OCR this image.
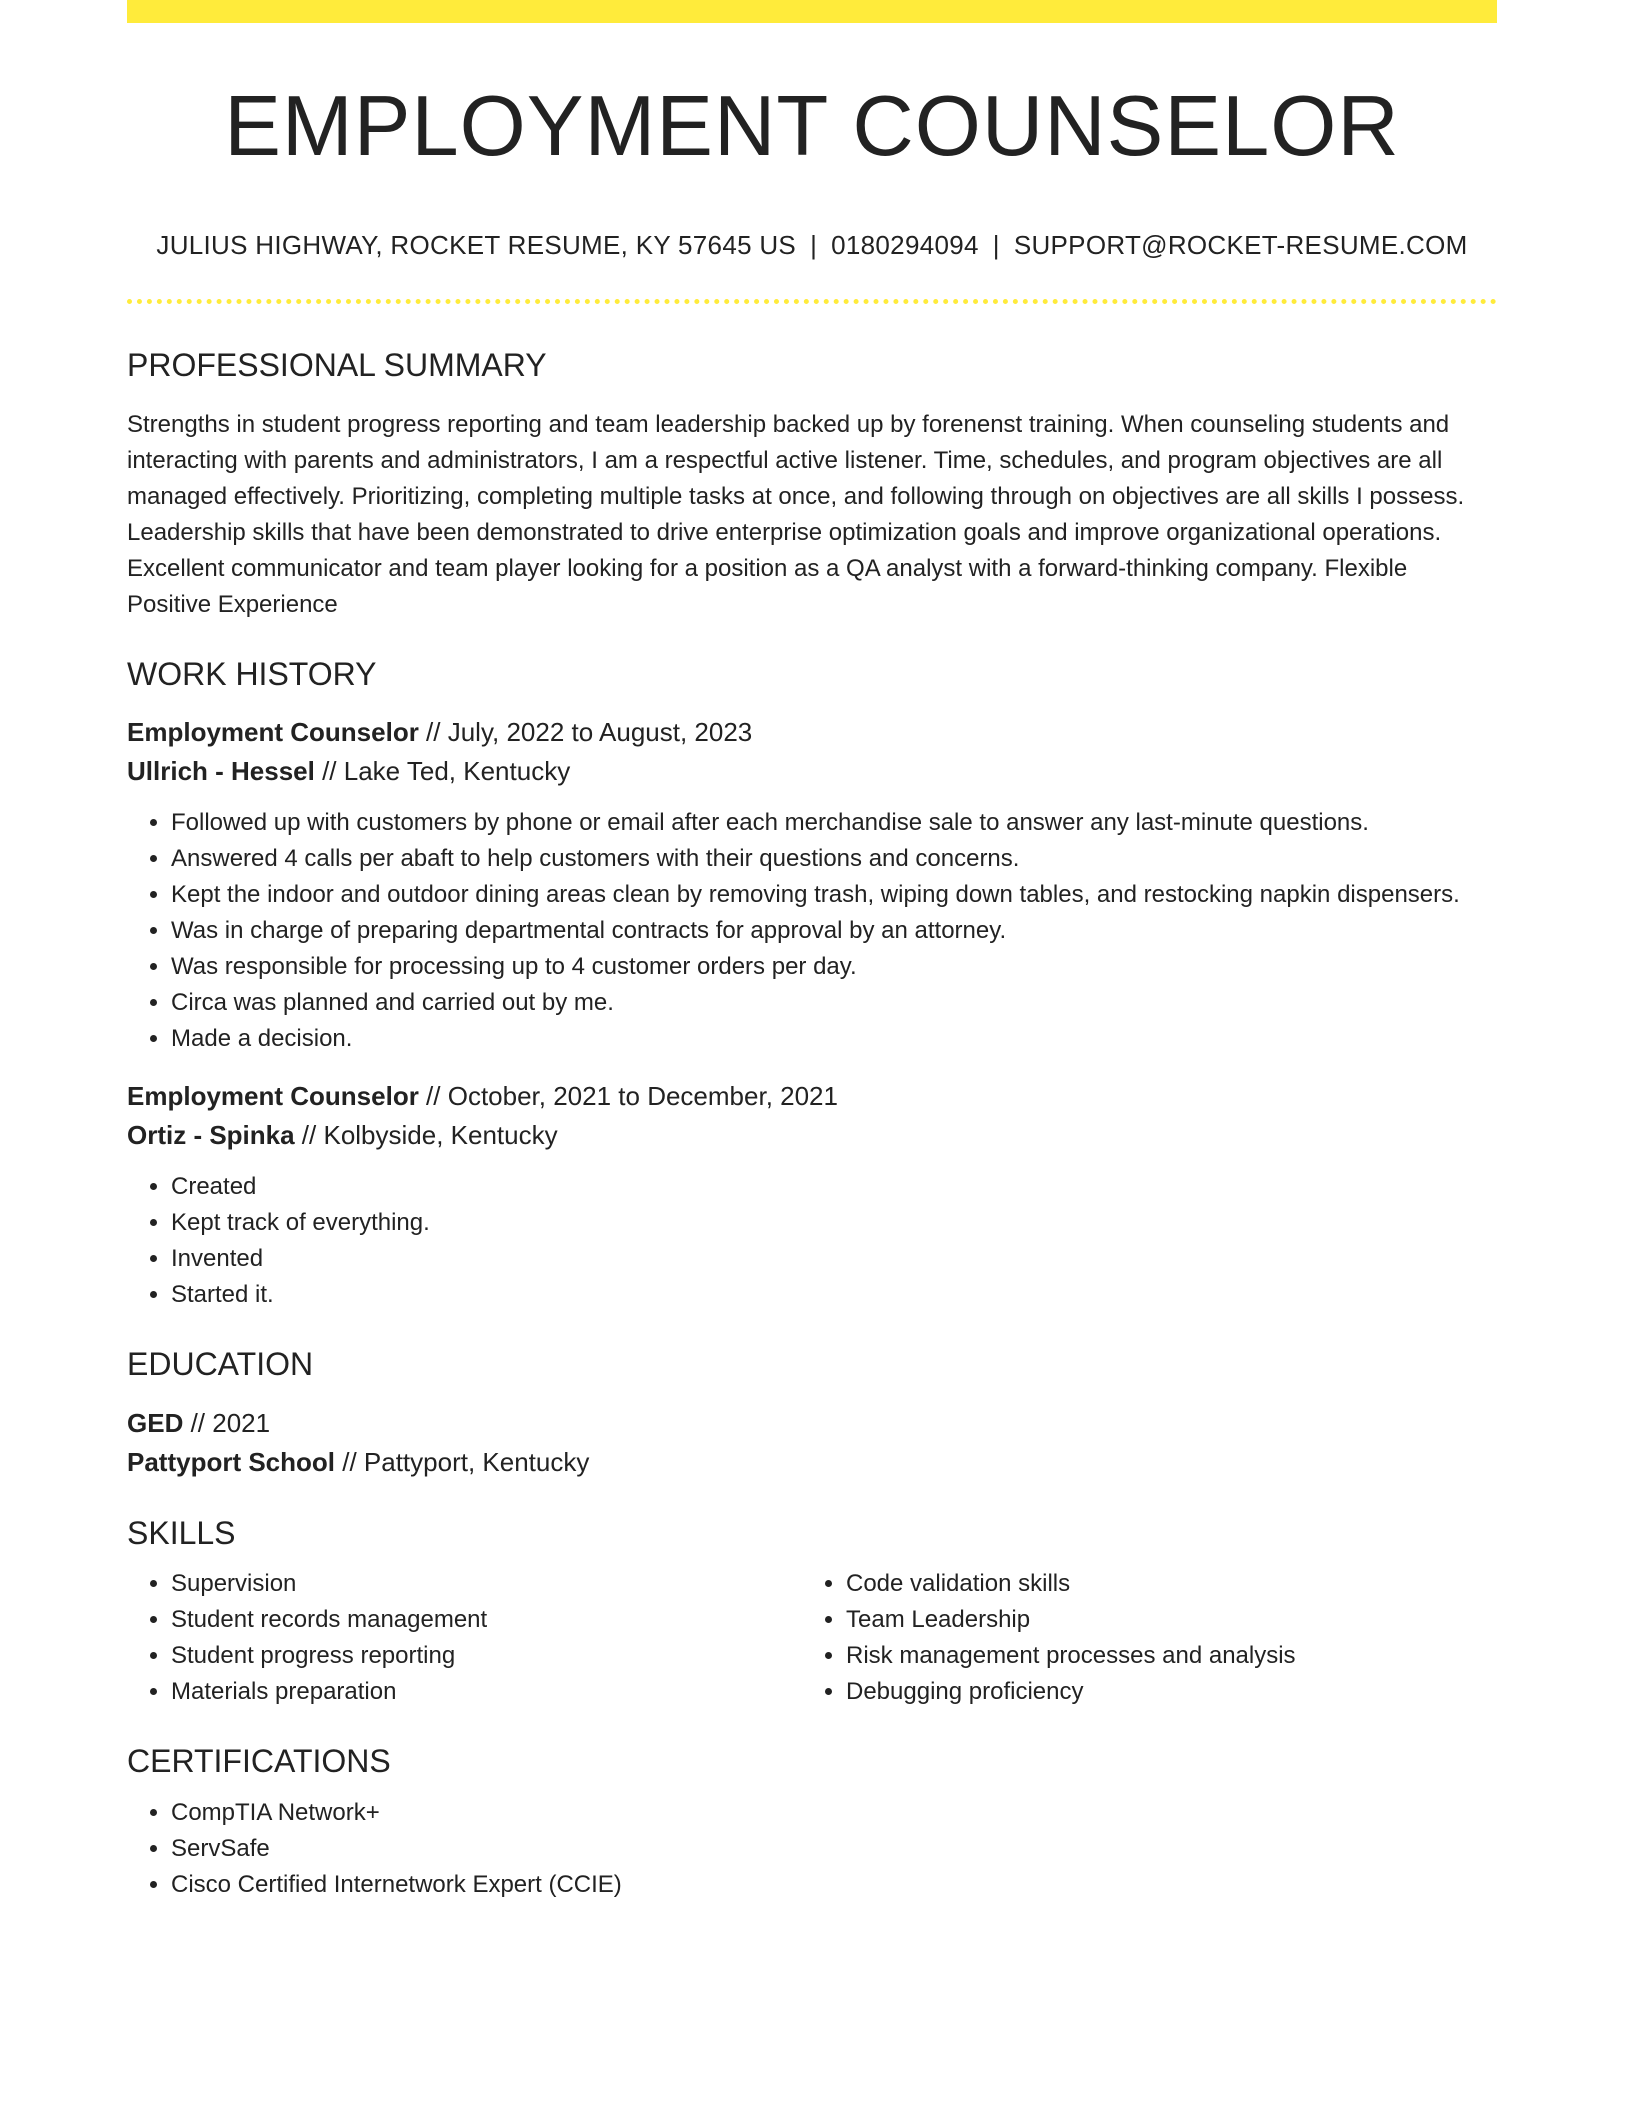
EMPLOYMENT COUNSELOR
JULIUS HIGHWAY, ROCKET RESUME, KY 57645 US | 0180294094 | SUPPORT@ROCKET-RESUME.COM
PROFESSIONAL SUMMARY
Strengths in student progress reporting and team leadership backed up by forenenst training. When counseling students and interacting with parents and administrators, I am a respectful active listener. Time, schedules, and program objectives are all managed effectively. Prioritizing, completing multiple tasks at once, and following through on objectives are all skills I possess. Leadership skills that have been demonstrated to drive enterprise optimization goals and improve organizational operations. Excellent communicator and team player looking for a position as a QA analyst with a forward-thinking company. Flexible Positive Experience
WORK HISTORY
Employment Counselor // July, 2022 to August, 2023
Ullrich - Hessel // Lake Ted, Kentucky
• Followed up with customers by phone or email after each merchandise sale to answer any last-minute questions.
• Answered 4 calls per abaft to help customers with their questions and concerns.
• Kept the indoor and outdoor dining areas clean by removing trash, wiping down tables, and restocking napkin dispensers.
• Was in charge of preparing departmental contracts for approval by an attorney.
• Was responsible for processing up to 4 customer orders per day.
• Circa was planned and carried out by me.
• Made a decision.
Employment Counselor // October, 2021 to December, 2021
Ortiz - Spinka // Kolbyside, Kentucky
• Created
• Kept track of everything.
• Invented
• Started it.
EDUCATION
GED // 2021
Pattyport School // Pattyport, Kentucky
SKILLS
• Supervision
• Student records management
• Student progress reporting
• Materials preparation
• Code validation skills
• Team Leadership
• Risk management processes and analysis
• Debugging proficiency
CERTIFICATIONS
• CompTIA Network+
• ServSafe
• Cisco Certified Internetwork Expert (CCIE)
